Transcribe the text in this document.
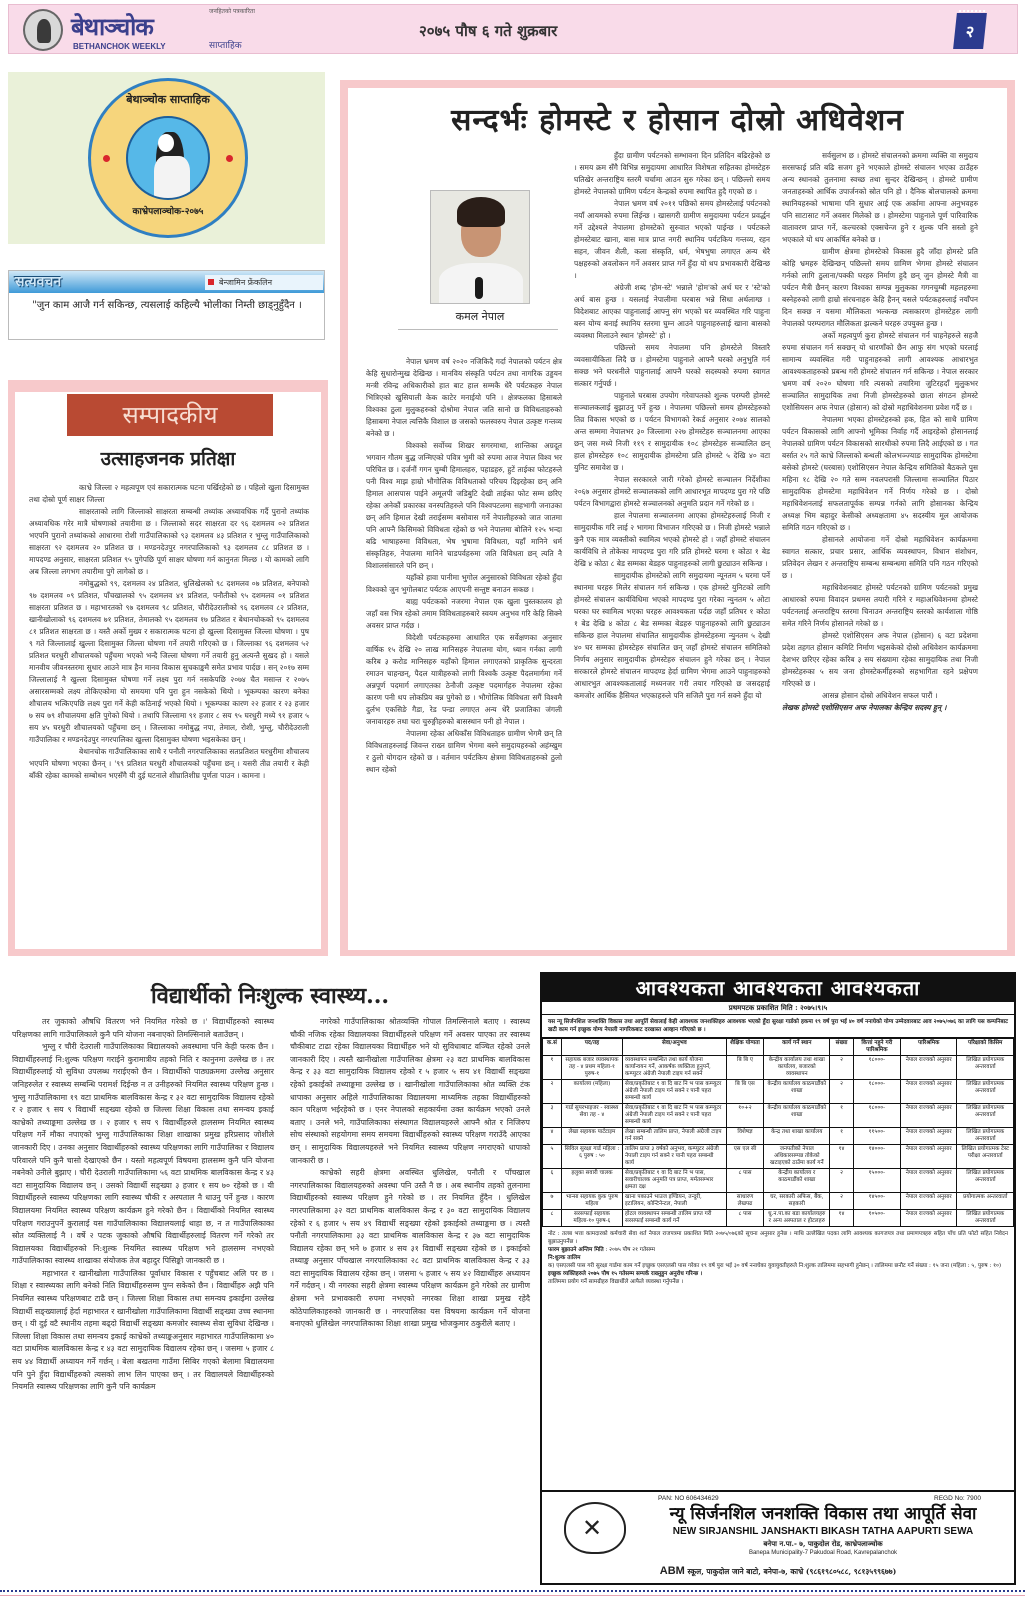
जनहितको पत्रकारिता
बेथाञ्चोक
BETHANCHOK WEEKLY	साप्ताहिक
२०७५ पौष ६ गते शुक्रबार	२
बेथाञ्चोक साप्ताहिक
काभ्रेपलाञ्चोक-२०७५
सत्यवचन	बेन्जामिन फ्रेंकलिन
"जुन काम आजै गर्न सकिन्छ, त्यसलाई कहिल्यै भोलीका निम्ती छाड्नुहुँदैन ।
सम्पादकीय
उत्साहजनक प्रतिक्षा

काभ्रे जिल्ला २ महत्वपूण एवं सकारात्मक घटना पर्खिरहेको छ । पहिलो खुला दिसामुक्त तथा दोस्रो पूर्ण साक्षर जिल्ला

साक्षरताको लागि जिल्लाको साक्षरता सम्बन्धी तथ्यांक अध्यावधिक गर्दै पुरानो तथ्यांक अध्यावधिक गरेर मात्रै घोषणाको तयारीमा छ । जिल्लाको सदर साक्षरता दर ९६ दशमलव ०२ प्रतिशत भएपनि पुरानो तथ्यांकको आधारमा रोशी गाउँपालिकाको ९३ दशमलव ४३ प्रतिशत र भुम्लु गाउँपालिकाको साक्षरता ९२ दशमलव २० प्रतिशत छ । मण्डनदेउपुर नगरपालिकाको ९३ दशमलव ८८ प्रतिशत छ । मापदण्ड अनुसार, साक्षरता प्रतिशत ९५ पुगेपछि पूर्ण साक्षर घोषणा गर्न कानुनतः मिल्छ । यो कामको लागि अब जिल्ला लगभग तयारीमा पुगे लागेको छ ।

नमोबुद्धको ९९, दशमलव २४ प्रतिशत, धुलिखेलको ९८ दशमलव ०७ प्रतिशत, बनेपाको ९७ दशमलव ०९ प्रतिशत, पाँचखालको ९५ दशमलव ४१ प्रतिशत, पनौतीको ९५ दशमलव ०१ प्रतिशत साक्षरता प्रतिशत छ । महाभारतको ९७ दशमलव ९८ प्रतिशत, चौरीदेउरालीको ९६ दशमलव ८२ प्रतिशत, खानीखोलाको ९६ दशमलव ७१ प्रतिशत, तेमालको ९५ दशमलव १७ प्रतिशत र बेथानचोकको ९५ दशमलव ८१ प्रतिशत साक्षरता छ । यस्तै अर्को मुख्य र सकारात्मक घटना हो खुल्ला दिसामुक्त जिल्ला घोषणा । पुष ९ गते जिल्लालाई खुल्ला दिसामुक्त जिल्ला घोषणा गर्ने तयारी गरिएको छ । जिल्लाका ९६ दशमलव ५२ प्रतिशत घरधुरी शौचालयको पहुँचमा भएको भन्दै जिल्ला घोषणा गर्ने तयारी हुनु अत्यन्तै सुखद हो । यसले मानवीय जीवनस्तरमा सुधार आउने मात्र हैन मानव विकास सुचकाङ्कमै समेत प्रभाव पार्दछ । सन् २०१७ सम्म जिल्लालाई नै खुल्ला दिसामुक्त घोषणा गर्ने लक्ष्य पुरा गर्न नसकेपछि २०७४ चैत मसान्त र २०७५ असारसम्मको लक्ष्य तोकिएकोमा यो समयमा पनि पुरा हुन नसकेको थियो । भूकम्पका कारण बनेका शौचालय भत्किएपछि लक्ष्य पुरा गर्ने केही कठिनाई भएको थियो । भूकम्पका कारण २२ हजार र २३ हजार ७ सय ७९ शौचालयमा क्षति पुगेको थियो । तथापि जिल्लामा ९१ हजार ८ सय ९५ घरधुरी मध्ये ९१ हजार ५ सय ४५ घरधुरी शौचालयको पहुँचमा छन् । जिल्लाका नमोबुद्ध नपा, तेमाल, रोशी, भुम्लु, चौरीदेउराली गाउँपालिका र मण्डनदेउपुर नगरपालिका खुल्ला दिसामुक्त घोषणा भइसकेका छन् ।

बेथानचोक गाउँपालिकाका साथै र पनौती नगरपालिकाका सतप्रतिशत घरधुरीमा शौचालय भएपनि घोषणा भएका छैनन् । '९९ प्रतिशत घरधुरी शौचालयको पहुँचमा छन् । यसरी तीव्र तयारी र केही बाँकी रहेका कामको सम्बोधन भएसँगै यी दुई घटनाले शीघ्रातिशीघ्र पूर्णता पाउन । कामना ।

सन्दर्भः होमस्टे र होसान दोस्रो अधिवेशन
कमल नेपाल

नेपाल भ्रमण वर्ष २०२० नजिकिदै गर्दा नेपालको पर्यटन क्षेत्र केहि सुधारोन्मुख देखिन्छ । मानविय संस्कृति पर्यटन तथा नागरिक उड्डयन मन्त्री रविन्द्र अधिकारीको हात बाट हाल सम्मकै धेरै पर्यटकहरु नेपाल भित्रिएको खुसियाली केक काटेर मनाईयो पनि । क्षेत्रफलका हिसाबले विश्वका ठुला मुलुकहरुको दोश्रोमा नेपाल जति सानो छ विविधताहरुको हिसाबमा नेपाल त्यत्तिकै विशाल छ जसको फलस्वरुप नेपाल उत्कृष्ट गन्तव्य बनेको छ ।

विश्वको सर्वोच्च शिखर सगरमाथा, शान्तिका अग्रदूत भगवान गौतम बुद्ध जन्मिएको पवित्र भुमी को रुपमा आज नेपाल विश्व भर परिचित छ । दर्जनौं गगन चुम्बी हिमालहरु, पहाडहरु, हुटें ताईका फोटहरुले पनी विश्व माझ हाम्रो भौगोलिक विविधताको परिचय दिइरहेका छन् अनि हिमाल आसपास पाईने अमूलपी जडिबुटि देखी ताईका फोट सम्म छरिए रहेका अनेकौं प्रकारका वनस्पतिहरुले पनि विश्वपटलमा सहभागी जनाउका छन् अनि हिमाल देखी तराईसम्म बसोवास गर्ने नेपालीहरुको जात जातमा पनि आफ्नै किसिमको विविधता रहेको छ भने नेपालमा बोलिने १२५ भन्दा बढि भाषाहरुमा विविधता, भेष भुषामा विविधता, यहाँ मानिने धर्म संस्कृतिहरु, नेपालमा मानिने चाडपर्वहरुमा जति विविधता छन् त्यति नै विशालसंसारले पनि छन् ।

यहाँको हावा पानीमा भुगोल अनुसारको विविधता रहेको हुँदा विश्वको जुन भुगोलबाट पर्यटक आएपनी सन्तुष्ट बनाउन सकछ ।

बाह्य पर्यटकको नजरमा नेपाल एक खुला पुस्तकालय हो जहाँ वस भित्र रहेको तमाम विविधताहरुबारे स्वयम अनुभव गरि केहि सिक्ने अवसर प्राप्त गर्दछ ।

विदेशी पर्यटकहरुमा आधारित एक सर्वेक्षणका अनुसार वार्षिक १५ देखि २० लाख मानिसहरु नेपालमा योग, ध्यान गर्नका लागी करिब ३ करोड मानिसहरु यहाँको हिमाल लगाएतको प्राकृतिक सुन्दरता रमाउन चाहन्छन्, पैदल यात्रीहरुको लागी विश्वकै उत्कृष्ट पैदलमार्गमा गर्ने अन्नपूर्ण पदमार्ग लगाएतका ठेनौजी उत्कृष्ट पदमार्गहरु नेपालमा रहेका कारण पनी थप लोकप्रिय बन्न पुगेको छ । भौगोलिक विविधता सगैं विश्वमै दुर्लभ एकसिङे गैडा, रेड पन्डा लगाएत अन्य धेरै प्रजातिका जंगली जनावारहरु तथा चरा चुरुङ्गीहरुको बासस्थान पनी हो नेपाल ।

नेपालमा रहेका अधिकाँस विविधताहरु ग्रामीण भेगमै छन् ति विविधताहरुलाई जिवन्त राख्न ग्रामिण भेगमा बस्ने समुदायहरुको अहंम्खुम र ठुलो योगदान रहेको छ । वर्तमान पर्यटकिय क्षेत्रमा विविधताहरुको ठुलो स्थान रहेको

हुँदा ग्रामीण पर्यटनको सम्भावना दिन प्रतिदिन बढिरहेको छ । समय क्रम सँगै विभिन्न समुदायमा आधारित विशेषता सहितका होमस्टेहरु घतिखेर अन्तराष्ट्रिय स्तरमै चर्चामा आउन सुरु गरेका छन् । पछिल्लो समय होमस्टे नेपालको ग्रामिण पर्यटन केन्द्रको रुपमा स्थापित हुदै गएको छ ।

नेपाल भ्रमण वर्ष २०११ पछिको समय होमस्टेलाई पर्यटनको नयाँ आयमको रुपमा लिईन्छ । खासगरी ग्रामीण समुदायमा पर्यटन प्रवर्द्धन गर्ने उद्देश्यले नेपालमा होमस्टेको सुरुवात भएको पाईन्छ । पर्यटकले होमस्टेबाट खाना, बास मात्र प्राप्त नगरी स्थानिय पर्यटकिय गन्तव्य, रहन सहन, जीवन शैली, कला संस्कृति, धर्म, भेषभुषा लगाएत अन्य धेरै पक्षहरुको अवलोकन गर्ने अवसर प्राप्त गर्ने हुँदा यो थप प्रभावकारी देखिन्छ ।

अंग्रेजी शब्द 'होम-स्टे' भन्नाले 'होम'को अर्थ घर र 'स्टे'को अर्थ बास हुन्छ । यसलाई नेपालीमा घरबास भन्ने सिधा अर्थलाग्छ । विदेशबाट आएका पाहुनालाई आफ्नु संग भएको घर व्यवस्थित गरि पाहुना बस्न योग्य बनाई स्थानिय स्तरमा घुम्न आउने पाहुनाहरुलाई खाना बासको व्यवस्था मिलाउने स्थान 'होमस्टे' हो ।

पछिल्लो समय नेपालमा पनि होमस्टेले विस्तारै व्यवसायीकिता लिदै छ । होमस्टेमा पाहुनाले आफ्नै घरको अनुभुति गर्न सक्छ भने घरधनीले पाहुनालाई आफ्नै घरको सदस्यको रुपमा स्वागत सत्कार गर्नुपर्छ ।

पाहुनाले घरबास उपयोग गरेवापतको शुल्क परम्परी होमस्टे सञ्चालकलाई बुझाउनु पर्ने हुन्छ । नेपालमा पछिल्लो समय होमस्टेहरुको तिव्र विकास भएको छ । पर्यटन विभागको रेकर्ड अनुसार २०७४ सालको अन्त सम्ममा नेपालभर ३० जिल्लामा २२७ होमस्टेहरु सञ्चालनमा आएका छन् जस मध्ये निजी ११९ र सामुदायीक १०८ होमस्टेहरु सञ्चालित छन् हाल होमस्टेहरु १०८ सामुदायीक होमस्टेमा प्रति होमस्टे ५ देखि ४० वटा युनिट समावेश छ ।

नेपाल सरकारले जारी गरेको होमस्टे सञ्चालन निर्देशीका २०६७ अनुसार होमस्टे सञ्चालकको लागि आधारभूत मापदण्ड पुरा गरे पछि पर्यटन विभागद्वारा होमस्टे सञ्चालनको अनुमति प्रदान गर्ने गरेको छ ।

हाल नेपालमा सञ्चालनमा आएका होमस्टेहरुलाई निजी र सामुदायीक गरि लाई २ भागमा विभाजन गरिएको छ । निजी होमस्टे भन्नाले कुनै एक मात्र व्यक्तीको स्वामित्व भएको होमस्टे हो । जहाँ होमस्टे संचालन कार्यविधि ले तोकेका मापदण्ड पुरा गरि प्रति होमस्टे घरमा १ कोठा १ बेड देखि ४ कोठा ८ बेड सम्मका बेडहरु पाहुनाहरुको लागी छुट्याउन सकिन्छ ।

सामुदायीक होमस्टेको लागि समुदायमा न्यूनतम ५ घरमा पर्ने स्थानमा घरहरु मिलेर संचालन गर्न सकिन्छ । एक होमस्टे युनिटको लागि होमस्टे संचालन कार्यविधिमा भएको मापदण्ड पुरा गरेका न्युनतम ५ ओटा घरका घर स्वामित्व भएका घरहरु आवश्यकता पर्दछ जहाँ प्रतिघर १ कोठा १ बेड देखि ४ कोठा ८ बेड सम्मका बेडहरु पाहुनाहरुको लागि छुट्याउन सकिन्छ हाल नेपालमा संचालित सामुदायीक होमस्टेहरुमा न्युनतम ५ देखी ४० घर सम्मका होमस्टेहरु संचालित छन् जहाँ होमस्टे संचालन समितिको निर्णय अनुसार सामुदायीक होमस्टेहरु संचालन हुने गरेका छन् । नेपाल सरकारले होमस्टे संचालन मापदण्ड हेर्दा ग्रामिण भेगमा आउने पाहुनाहरुको आधारभुत आवश्यकतालाई मध्यनजर गरी तयार गरिएको छ जसदहाई कमजोर आर्थिक हैसियत भएकाहरुले पनि सजिलै पुरा गर्न सक्ने हुँदा यो

सर्वसुलभ छ । होमस्टे संचालनको क्रममा व्यक्ति वा समुदाय सरसफाई प्रति बढि सजग हुने भएकाले होमस्टे संचालन भएका ठाउँहरु अन्य स्थानको तुलनामा स्वच्छ तथा सुन्दर देखिन्छन् । होमस्टे ग्रामीण जनताहरुको आर्थिक उपार्जनको स्रोत पनि हो । दैनिक बोलचालको क्रममा स्थानियहरुको भाषामा पनि सुधार आई एक अर्कामा आफ्ना अनुभवहरु पनि साटासाट गर्ने अवसर मिलेको छ । होमस्टेमा पाहुनाले पूर्ण पारिवारिक वातावरण प्राप्त गर्ने, कल्चरको एक्सचेन्ज हुने र शुल्क पनि सस्तो हुने भएकाले यो थप आकर्षित बनेको छ ।

ग्रामीण क्षेत्रमा होमस्टेको विकास हुदै जाँदा होमस्टे प्रति कोहि भ्रमहरु देखिन्छन् पछिल्लो समय ग्रामिण भेगमा होमस्टे संचालन गर्नको लागि ठुलाना/पक्की घरहरु निर्माण हुदै छन् जुन होमस्टे मैत्री वा पर्यटन मैत्री छैनन् कारण विश्वका सम्पन्न मुलुकका गगनचुम्बी महलहरुमा बस्नेहरुको लागी हाम्रो संरचनाहरु केहि हैनन् यसले पर्यटकहरुलाई नयाँपन दिन सक्छ न यसमा मौलिकता भल्कन्छ त्यसकारण होमस्टेहरु लागी नेपालको परम्परागत मौलिकता झल्कने घरहरु उपयुक्त हुन्छ ।

अर्को महत्वपुर्ण कुरा होमस्टे संचालन गर्न चाहनेहरुले सहजै रुपमा संचालन गर्न सक्छन् यो धारणाँको छैन आफु संग भएको घरलाई सामान्य व्यवस्थित गरी पाहुनाहरुको लागी आवश्यक आधारभुत आवश्यकताहरुको प्रबन्ध गरी होमस्टे संचालन गर्न सकिन्छ । नेपाल सरकार भ्रमण वर्ष २०२० घोषणा गरि त्यसको तयारिमा जुटिरहदाँ मुलुकभर सञ्चालित सामुदायिक तथा निजी होमस्टेहरुको छाता संगठन होमस्टे एशोसियसन अफ नेपाल (होसान) को दोस्रो महाधिवेशनमा प्रवेश गर्दै छ ।

नेपालमा भएका होमस्टेहरुको हक, हित को साथै ग्रामिण पर्यटन विकासको लागि आफ्नो भूमिका निर्वाह गर्दै आइरहेको होसानलाई नेपालको ग्रामिण पर्यटन विकासको सारथीको रुपमा लिदै आईएको छ । गत बर्सात २५ गते काभ्रे जिल्लाको बन्थली कोलभञ्ज्याङ सामुदायिक होमस्टेमा बसेको होमस्टे (घरबास) एशोसिएसन नेपाल केन्द्रिय समितिको बैठकले पुस महिना १८ देखि २० गते सम्म नवलपरासी जिल्लामा सञ्चालित पिठार सामुदायिक होमस्टेमा महाधिवेशन गर्ने निर्णय गरेको छ । दोस्रो महाधिवेशनलाई सफलतापूर्वक सम्पन्न गर्नको लागि होसानका केन्द्रिय अध्यक्ष भिम बहादुर केसीको अध्यक्षतामा ४५ सदस्यीय मूल आयोजक समिति गठन गरिएको छ ।

होसानले आयोजना गर्ने दोस्रो महाधिवेशन कार्यक्रममा स्वागत सत्कार, प्रचार प्रसार, आर्थिक व्यवस्थापन, विधान संशोधन, प्रतिवेदन लेखन र अन्तराष्ट्रिय सम्बन्ध सम्बन्धमा समिति पनि गठन गरिएको छ ।

महाधिवेशनबाट होमस्टे पर्यटनको ग्रामिण पर्यटनको प्रमुख आधारको रुपमा विवादन प्रथमस तयारी गरिने र महाअधिवेशनमा होमस्टे पर्यटनलाई अन्तराष्ट्रिय स्तरमा चिनाउन अन्तराष्ट्रिय स्तरको कार्यशाला गोष्ठि समेत गरिने निर्णय होसानले गरेको छ ।

होमस्टे एशोसिएसन अफ नेपाल (होसान) ६ वटा प्रदेशमा प्रदेश तहगत होसान कमिटि निर्माण भइसकेको दोस्रो अधिवेशन कार्यक्रममा देशभर छरिएर रहेका करिब ३ सय संख्यामा रहेका सामुदायिक तथा निजी होमस्टेहरुका ५ सय जना होमस्टेकर्मीहरुको सहभागिता रहने प्रक्षेपण गरिएको छ ।

आसन्न होसान दोस्रो अधिवेशन सफल पारौं ।

लेखक होमस्टे एशोसिएसन अफ नेपालका केन्द्रिय सदस्य हुन् ।

विद्यार्थीको निःशुल्क स्वास्थ्य...

तर जुकाको औषधि वितरण भने नियमित गरेको छ ।' विद्यार्थीहरुको स्वास्थ्य परिक्षणका लागि गाउँपालिकाले कुनै पनि योजना नबनाएको तिमल्सिनाले बताउँछन् ।

भुम्लु र चौरी देउराली गाउँपालिकाका बिद्यालयको अवस्थामा पनि केही फरक छैन । विद्यार्थीहरुलाई नि:शुल्क परिक्षण गराईने कुरामात्रीय तहको निति र कानुनमा उल्लेख छ । तर विद्यार्थीहरुलाई यो सुविधा उपलब्ध गराईएको छैन । विद्यार्थीको पाठ्यक्रममा उल्लेख अनुसार जनिहरुलेत र स्वास्थ्य सम्बन्धि परामर्श दिईन्छ न त उनीहरुको नियमित स्वास्थ्य परिक्षण हुन्छ । भुम्लु गाउँपालिकामा १९ वटा प्राथमिक बालविकास केन्द्र र ३२ वटा सामुदायिक विद्यालय रहेको र २ हजार ९ सय ९ विद्यार्थी सङ्ख्या रहेको छ जिल्ला शिक्षा विकास तथा समन्वय इकाई काभ्रेको तथ्याङ्कमा उल्लेख छ । २ हजार ९ सय ९ विद्यार्थीहरुले हालसम्म नियमित स्वास्थ्य परिक्षण गर्ने मौका नपाएको भुम्लु गाउँपालिकाका शिक्षा शाखाका प्रमुख हरिप्रसाद जोशीले जानकारी दिए । उनका अनुसार विद्यार्थीहरुको स्वास्थ्य परिक्षणका लागि गाउँपालिका र विद्यालय परिवारले पनि कुनै चासो देखाएको छैन । यस्तो महत्वपूर्ण विषयमा हालसम्म कुनै पनि योजना नबनेको उनीले बुझाए । चौरी देउराली गाउँपालिकामा ५६ वटा प्राथमिक बालविकास केन्द्र र ४३ वटा सामुदायिक विद्यालय छन् । उसको विद्यार्थी सङ्ख्या ३ हजार १ सय ७० रहेको छ । यी विद्यार्थीहरुले स्वास्थ्य परिक्षणका लागि स्वास्थ्य चौकी र अस्पताल नै धाउनु पर्ने हुन्छ । कारण विद्यालयमा नियमित स्वास्थ्य परिक्षण कार्यक्रम हुने गरेको छैन । विद्यार्थीको नियमित स्वास्थ्य परिक्षण गराउनुपर्ने कुरालाई यस गाउँपालिकाका विद्यालयलाई थाहा छ, न त गाउँपालिकाका स्रोत व्यक्तिलाई नै । वर्षे २ पटक जुकाको औषधि विद्यार्थीहरुलाई वितरण गर्ने गरेको तर विद्यालयका विद्यार्थीहरुको नि:शुल्क नियमित स्वास्थ्य परिक्षण भने हालसम्म नभएको गाउँपालिकाका स्वास्थ्य शाखाका संयोजक तेज बहादुर पिसिङ्को जानकारी छ ।

महाभारत र खानीखोला गाउँपालिका पूर्वाधार विकास र पहुँचबाट अलि पर छ । शिक्षा र स्वास्थ्यका लागि बनेको निति विद्यार्थीहरुसम्म पुग्न सकेको छैन । विद्यार्थीहरु अझै पनि नियमित स्वास्थ्य परिक्षणबाट टाढै छन् । जिल्ला शिक्षा विकास तथा समन्वय इकाईमा उल्लेख विद्यार्थी सङ्ख्यालाई हेर्दा महाभारत र खानीखोला गाउँपालिकामा विद्यार्थी सङ्ख्या उच्च स्थानमा छन् । यी दुई वटै स्थानीय तहमा बढ्दो विद्यार्थी सङ्ख्या कमजोर स्वास्थ्य सेवा सुविधा देखिन्छ । जिल्ला शिक्षा विकास तथा समन्वय इकाई काभ्रेको तथ्याङ्कअनुसार महाभारत गाउँपालिकामा ४० वटा प्राथमिक बालविकास केन्द्र र ४३ वटा सामुदायिक विद्यालय रहेका छन् । जसमा ५ हजार ८ सय ४४ विद्यार्थी अध्यायन गर्ने गर्छन् । बेला बखतमा गाउँमा सिबिर गएको बेलामा बिद्यालयमा पनि पुने हुँदा विद्यार्थीहरुको त्यसको लाभ लिन पाएका छन् । तर विद्यालयले विद्यार्थीहरुको नियमति स्वास्थ्य परिक्षणका लागि कुनै पनि कार्यक्रम

नगरेको गाउँपालिकाका श्रोतव्यक्ति गोपाल तिमल्सिनाले बताए । स्वास्थ्य चौकी नजिक रहेका विद्यालयका विद्यार्थीहरुले परिक्षण गर्ने अवसर पाएका तर स्वास्थ्य चौकीबाट टाढा रहेका विद्यालयका विद्यार्थीहरु भने यो सुविधाबाट वञ्चित रहेको उनले जानकारी दिए । त्यस्तै खानीखोला गाउँपालिका क्षेत्रमा २३ वटा प्राथमिक बालविकास केन्द्र र ३३ वटा सामुदायिक विद्यालय रहेको र ५ हजार ५ सय ४१ विद्यार्थी सङ्ख्या रहेको इकाईको तथ्याङ्कमा उल्लेख छ । खानीखोला गाउँपालिकाका श्रोत व्यक्ति टंक धापाका अनुसार अहिले गाउँपालिकाका विद्यालयमा माध्यमिक तहका विद्यार्थीहरुको कान परिक्षण भईरहेको छ । एनर नेपालको सहकार्यमा उक्त कार्यक्रम भएको उनले बताए । उनले भने, गाउँपालिकाका संस्थागत विद्यालयहरुले आफ्नै श्रोत र निजिरुप सोच संस्थाको सहयोगमा समय समयमा विद्यार्थीहरुको स्वास्थ्य परिक्षण गराउँदै आएका छन् । सामुदायिक विद्यालयहरुले भने नियमित स्वास्थ्य परिक्षण नगराएको धापाको जानकारी छ ।

काभ्रेको सहरी क्षेत्रमा अवस्थित धुलिखेल, पनौती र पाँचखाल नगरपालिकाका विद्यालयहरुको अवस्था पनि उस्तै नै छ । अब स्थानीय तहको तुलनामा विद्यार्थीहरुको स्वास्थ्य परिक्षण हुने गरेको छ । तर नियमित हुँदैन । धुलिखेल नगरपालिकामा ३२ वटा प्राथमिक बालविकास केन्द्र र ३० वटा सामुदायिक विद्यालय रहेको र ६ हजार ५ सय ४९ विद्यार्थी सङ्ख्या रहेको इकाईको तथ्याङ्कमा छ । त्यस्तै पनौती नगरपालिकामा ३३ वटा प्राथमिक बालविकास केन्द्र र ३७ वटा सामुदायिक विद्यालय रहेका छन् भने ७ हजार ४ सय ३१ विद्यार्थी सङ्ख्या रहेको छ । इकाईको तथ्याङ्क अनुसार पाँचखाल नगरपालिकाका २८ वटा प्राथमिक बालविकास केन्द्र र ३३ वटा सामुदायिक विद्यालय रहेका छन् । जसमा ५ हजार ५ सय ४२ विद्यार्थीहरु अध्यायन गर्ने गर्दछन् । यी नगरका सहरी क्षेत्रमा स्वास्थ्य परिक्षण कार्यक्रम हुने गरेको तर ग्रामीण क्षेत्रमा भने प्रभावकारी रुपमा नभएको नगरका शिक्षा शाखा प्रमुख रहेदै कोठेपालिकाहरुको जानकारी छ । नगरपालिका यस विषयमा कार्यक्रम गर्ने योजना बनाएको धुलिखेल नगरपालिकाका शिक्षा शाखा प्रमुख भोजकुमार ठकुरीले बताए ।

आवश्यकता आवश्यकता आवश्यकता
प्रथमपटक प्रकाशित मिति : २०७५।९।५
यस न्यू सिर्जनशिल जनशक्ति विकास तथा आपूर्ति सेवालाई केही आवश्यक जनशक्तिहरु आवश्यक भएको हुँदा सुरक्षा गार्डको हकमा १९ वर्ष पुरा भई ४० वर्ष ननाघेको योग्य उम्मेदवारबाट आव २०७५/०७६ का लागि यस कम्पनिबाट खटी काम गर्न इच्छुक योग्य नेपाली नागरिकबाट दरखास्त आव्हान गरिएको छ ।
क.सं	पद/तह	सेवा/अनुभव	शैक्षिक योग्यता	कार्य गर्ने स्थान	संख्या	कित्तां नहुने गरी पारिश्रमिक	पारिश्रमिक	परिक्षाको किसिम
१	सहायक बजार व्यवस्थापक तह - ४ प्रथम महिला-१ पुरुष-१	व्यवस्थापन सम्बन्धित तथा कार्य योजना कार्यान्वयन गर्ने, आकर्षक व्यक्तित्व हुनुपर्ने, कम्प्युटर अंग्रेजी नेपाली टाइप गर्न सक्ने	बि बि ए	केन्द्रीय कार्यालय तथा शाखा कार्यालय, बजारको व्यवस्थापन	२	१८०००-	नेपाल राज्यको अनुसार	लिखित प्रयोगात्मक अन्तरवार्ता
२	कार्यालय (महिला)	सेवा/प्रकृतिबाट १ वा दि बाट नि भ पास कम्प्युटर अंग्रेजी नेपाली टाइप गर्न सक्ने र पानी पहरा सम्बन्धी कार्य	बि बि एस	केन्द्रीय कार्यालय काठमाडौंको शाखा	२	१८०००-	नेपाल राज्यको अनुसार	लिखित प्रयोगात्मक अन्तरवार्ता
३	गार्ड सुपरभाइजर - स्वास्थ्य सेवा तह - ४	सेवा/प्रकृतिबाट १ वा दि बाट नि भ पास कम्प्युटर अंग्रेजी नेपाली टाइप गर्न सक्ने र पानी पहरा सम्बन्धी कार्य	१०+२	केन्द्रीय कार्यालय काठमाडौंको शाखा	१	१८०००-	नेपाल राज्यको अनुसार	लिखित प्रयोगात्मक अन्तरवार्ता
४	लेखा सहायक पार्टटाइम	लेखा सम्बन्धी तालिम प्राप्त, नेपाली अंग्रेजी टाइप गर्न सक्ने	विशेषज्ञ	केन्द्र तथा शाखा कार्यालय	१	११५००-	नेपाल राज्यको अनुसार	लिखित प्रयोगात्मक अन्तरवार्ता
५	सिविल सुरक्षा गार्ड महिला : ६ पुरुष : ५०	तालिम प्राप्त ३ वर्षको अनुभव, कम्प्युटर अंग्रेजी नेपाली टाइप गर्न सक्ने र पानी पहरा सम्बन्धी कार्य	एस एल सी	जनपतीको नेपाल अधिकारसम्पन्न तोकेको खटाइएको ठाउँमा कार्य गर्ने	१४	१४०००-	नेपाल राज्यको अनुसार	लिखित प्रयोगात्मक टेस्ट परीक्षा अन्तरवार्ता
६	हलुका सवारी चालक	सेवा/प्रकृतिबाट १ वा दि बाट नि भ पास, सवारीचालक अनुमति पत्र प्राप्त, मर्मतसम्भार क्षमता दक्ष	८ पास	केन्द्रीय कार्यालय र काठमाडौंको शाखा	२	१५०००-	नेपाल राज्यको अनुसार	लिखित प्रयोगात्मक अन्तरवार्ता
७	भान्सा सहायक कुक पुरुष महिला	खाना पकाउने भाउज इण्डियन, तन्दुरी, इटालियन, कोन्टिनेन्टल, नेपाली	साधारण लेखपढ	घर, सरकारी अफिस, बैंक, सहकारी	२	१४५००-	नेपाल राज्यको अनुसार	प्रयोगात्मक अन्तरवार्ता
८	सरसफाई सहायक महिला-१० पुरुष-६	होटल व्यवस्थापन सम्बन्धी तालिम प्राप्त गरी सरसफाई सम्बन्धी कार्य गर्ने	८ पास	धु.न.पा.का बडा कार्यालयहरु र अन्य अस्पताल र होटलहरु	१४	१०५००-	नेपाल राज्यको अनुसार	लिखित प्रयोगात्मक अन्तरवार्ता
नोट : तलब भत्ता कामदारको कर्मचारी सेवा शर्त नेपाल राजपत्रमा प्रकाशित मिति २०७५/०७६को सूचना अनुसार हुनेछ । माथि उल्लेखित पदका लागि आवश्यक कागजपत्र तथा प्रमाणपत्रहरु सहित पाँच प्रति फोटो सहित निवेदन बुझाउनुपर्नेछ ।
फारम बुझाउने अन्तिम मिति : २०७५ पौष २१ गतेसम्म
नि:शुल्क तालिम
क) एसएलसी पास गरी सुरक्षा गार्डमा काम गर्ने इच्छुक एसएलसी पास गरेका १९ वर्ष पुरा भई ३० वर्ष ननाघेका युवायुवतीहरुले नि:शुल्क तालिममा सहभागी हुनेछन् । तालिममा छनौट गर्ने संख्या : १५ जना (महिला : ५, पुरुष : १०)
इच्छुक व्यक्तिहरुले २०७५ पौष १५ गतेसम्म सम्पर्क राख्नुहुन अनुरोध गरिन्छ ।
तालिममा प्रयोग गर्ने सामग्रीहरु विद्यार्थीले आफैले व्यवस्था गर्नुपर्नेछ ।
✕
PAN: NO 606434629	REGD No: 7900
न्यू सिर्जनशिल जनशक्ति विकास तथा आपूर्ति सेवा
NEW SIRJANSHIL JANSHAKTI BIKASH TATHA AAPURTI SEWA
बनेपा न.पा.- ७, पाकुदोल रोड, काभ्रेपलाञ्चोक
Banepa Municipality-7 Pakudoal Road, Kavrepalanchok
ABM स्कूल, पाकुदोल जाने बाटो, बनेपा-७, काभ्रे (९८६१९८०५८८, ९८१३५९९६७७)
